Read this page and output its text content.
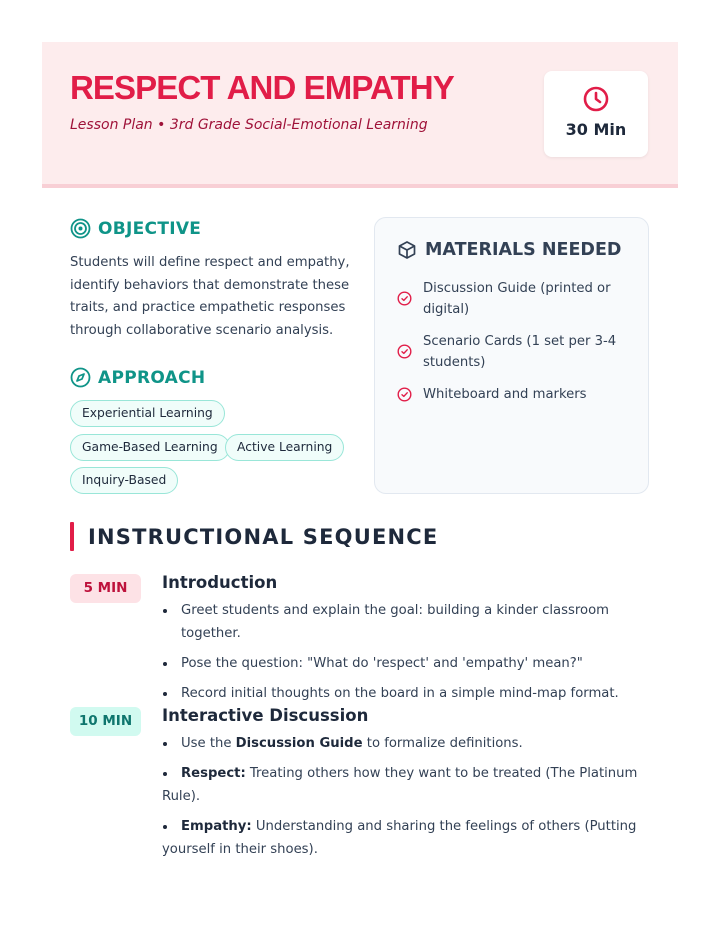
RESPECT AND EMPATHY
Lesson Plan • 3rd Grade Social-Emotional Learning	30 Min
OBJECTIVE
Students will define respect and empathy, identify behaviors that demonstrate these traits, and practice empathetic responses through collaborative scenario analysis.
APPROACH
Experiential Learning
Game-Based Learning	Active Learning
Inquiry-Based
MATERIALS NEEDED
Discussion Guide (printed or digital)
Scenario Cards (1 set per 3-4 students)
Whiteboard and markers
INSTRUCTIONAL SEQUENCE
5 MIN	Introduction
Greet students and explain the goal: building a kinder classroom together.
Pose the question: "What do 'respect' and 'empathy' mean?"
Record initial thoughts on the board in a simple mind-map format.
10 MIN	Interactive Discussion
Use the Discussion Guide to formalize definitions.
Respect: Treating others how they want to be treated (The Platinum Rule).
Empathy: Understanding and sharing the feelings of others (Putting yourself in their shoes).
